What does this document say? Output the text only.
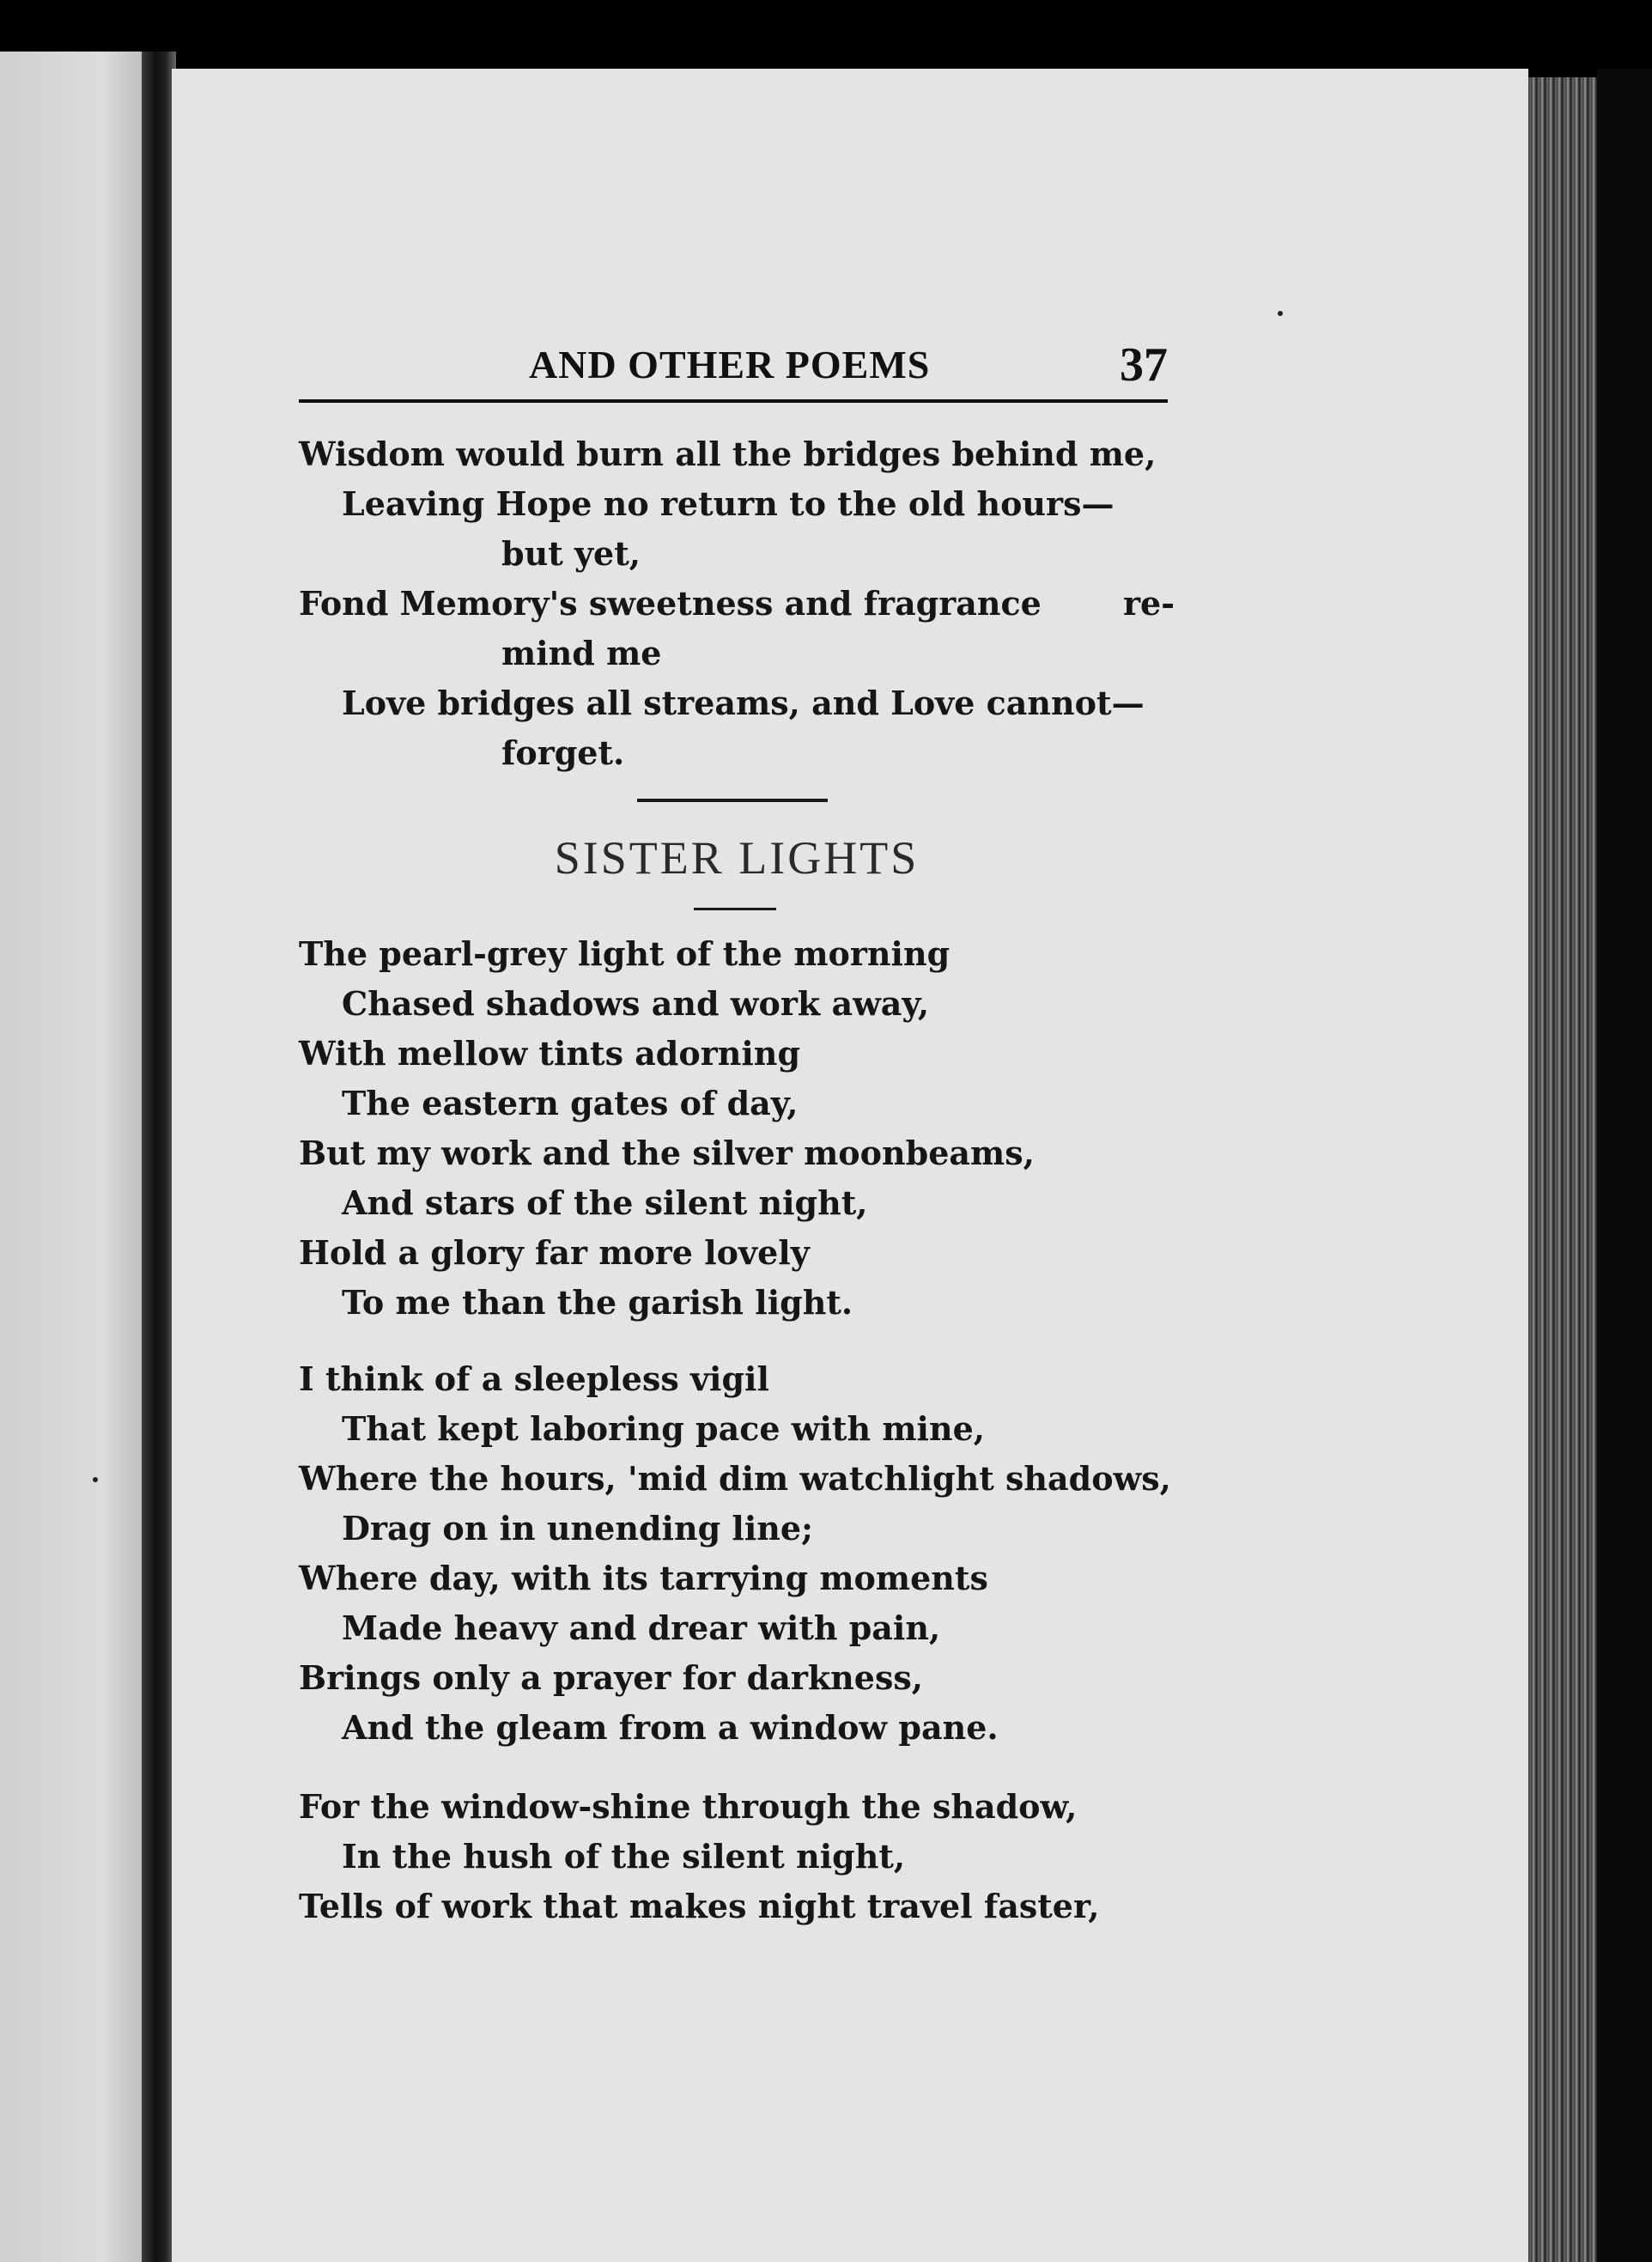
AND OTHER POEMS	37
Wisdom would burn all the bridges behind me,
Leaving Hope no return to the old hours—
but yet,
Fond Memory's sweetness and fragrance	re-
mind me
Love bridges all streams, and Love cannot—
forget.
SISTER LIGHTS
The pearl-grey light of the morning
Chased shadows and work away,
With mellow tints adorning
The eastern gates of day,
But my work and the silver moonbeams,
And stars of the silent night,
Hold a glory far more lovely
To me than the garish light.
I think of a sleepless vigil
That kept laboring pace with mine,
Where the hours, 'mid dim watchlight shadows,
Drag on in unending line;
Where day, with its tarrying moments
Made heavy and drear with pain,
Brings only a prayer for darkness,
And the gleam from a window pane.
For the window-shine through the shadow,
In the hush of the silent night,
Tells of work that makes night travel faster,
